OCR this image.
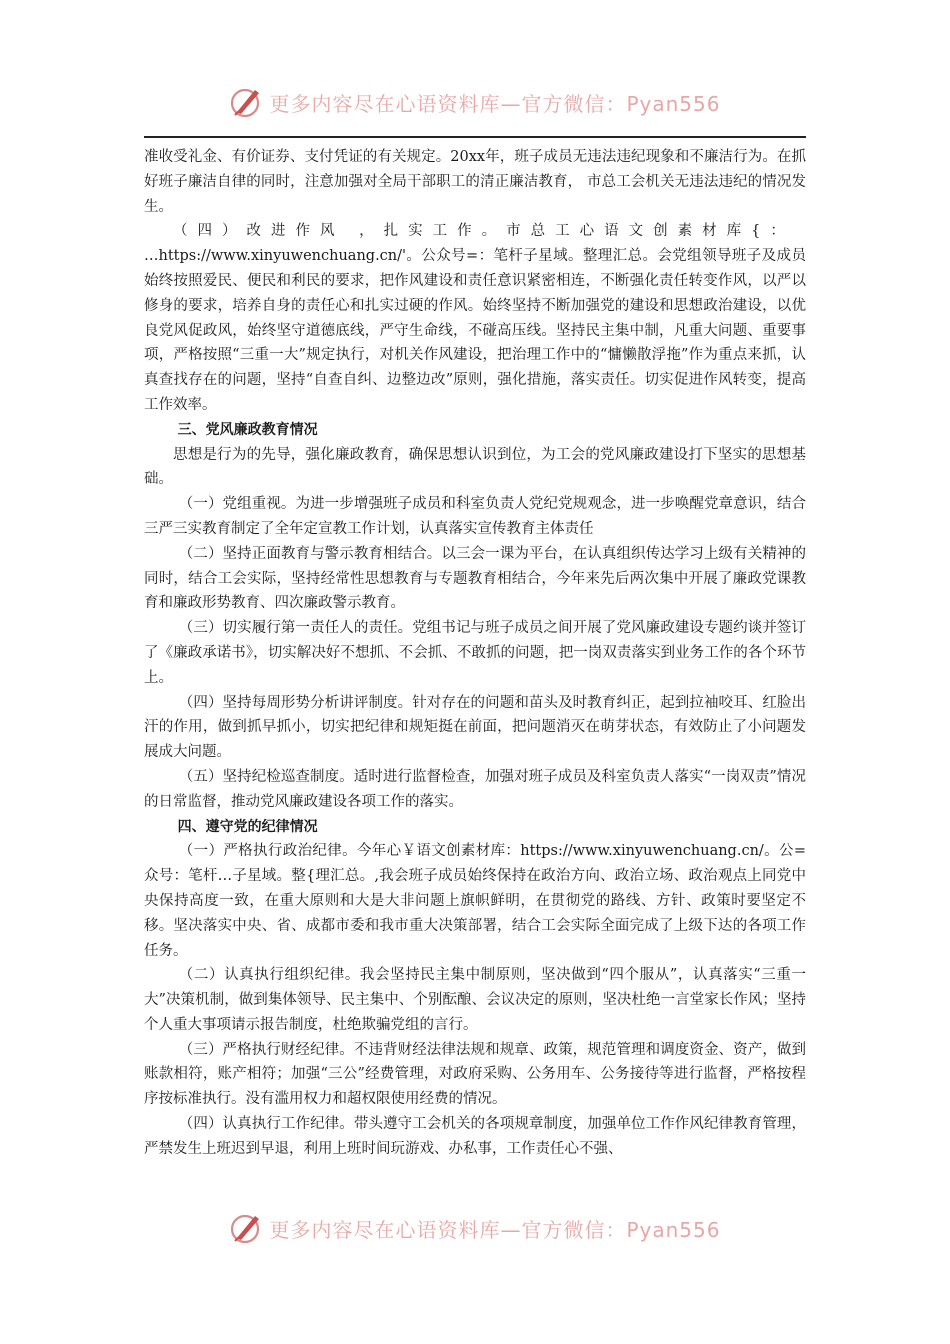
更多内容尽在心语资料库—官方微信：Pyan556

准收受礼金、有价证券、支付凭证的有关规定。20xx年，班子成员无违法违纪现象和不廉洁行为。在抓好班子廉洁自律的同时，注意加强对全局干部职工的清正廉洁教育， 市总工会机关无违法违纪的情况发生。

（四）改进作风 ，扎实工作。市总工心语文创素材库{：

…https://www.xinyuwenchuang.cn/'。公众号=：笔杆子星域。整理汇总。会党组领导班子及成员始终按照爱民、便民和利民的要求，把作风建设和责任意识紧密相连，不断强化责任转变作风，以严以修身的要求，培养自身的责任心和扎实过硬的作风。始终坚持不断加强党的建设和思想政治建设，以优良党风促政风，始终坚守道德底线，严守生命线，不碰高压线。坚持民主集中制，凡重大问题、重要事项，严格按照“三重一大”规定执行，对机关作风建设，把治理工作中的“慵懒散浮拖”作为重点来抓，认真查找存在的问题，坚持“自查自纠、边整边改”原则，强化措施，落实责任。切实促进作风转变，提高工作效率。

三、党风廉政教育情况

思想是行为的先导，强化廉政教育，确保思想认识到位，为工会的党风廉政建设打下坚实的思想基础。

（一）党组重视。为进一步增强班子成员和科室负责人党纪党规观念，进一步唤醒党章意识，结合三严三实教育制定了全年定宣教工作计划，认真落实宣传教育主体责任

（二）坚持正面教育与警示教育相结合。以三会一课为平台，在认真组织传达学习上级有关精神的同时，结合工会实际，坚持经常性思想教育与专题教育相结合，今年来先后两次集中开展了廉政党课教育和廉政形势教育、四次廉政警示教育。

（三）切实履行第一责任人的责任。党组书记与班子成员之间开展了党风廉政建设专题约谈并签订了《廉政承诺书》，切实解决好不想抓、不会抓、不敢抓的问题，把一岗双责落实到业务工作的各个环节上。

（四）坚持每周形势分析讲评制度。针对存在的问题和苗头及时教育纠正，起到拉袖咬耳、红脸出汗的作用，做到抓早抓小，切实把纪律和规矩挺在前面，把问题消灭在萌芽状态，有效防止了小问题发展成大问题。

（五）坚持纪检巡查制度。适时进行监督检查，加强对班子成员及科室负责人落实“一岗双责”情况的日常监督，推动党风廉政建设各项工作的落实。

四、遵守党的纪律情况

（一）严格执行政治纪律。今年心￥语文创素材库：https://www.xinyuwenchuang.cn/。公=众号：笔杆…子星域。整{理汇总。,我会班子成员始终保持在政治方向、政治立场、政治观点上同党中央保持高度一致，在重大原则和大是大非问题上旗帜鲜明，在贯彻党的路线、方针、政策时要坚定不移。坚决落实中央、省、成都市委和我市重大决策部署，结合工会实际全面完成了上级下达的各项工作任务。

（二）认真执行组织纪律。我会坚持民主集中制原则，坚决做到“四个服从”，认真落实“三重一大”决策机制，做到集体领导、民主集中、个别酝酿、会议决定的原则，坚决杜绝一言堂家长作风；坚持个人重大事项请示报告制度，杜绝欺骗党组的言行。

（三）严格执行财经纪律。不违背财经法律法规和规章、政策，规范管理和调度资金、资产，做到账款相符，账产相符；加强“三公”经费管理，对政府采购、公务用车、公务接待等进行监督，严格按程序按标准执行。没有滥用权力和超权限使用经费的情况。

（四）认真执行工作纪律。带头遵守工会机关的各项规章制度，加强单位工作作风纪律教育管理，严禁发生上班迟到早退，利用上班时间玩游戏、办私事，工作责任心不强、

更多内容尽在心语资料库—官方微信：Pyan556
